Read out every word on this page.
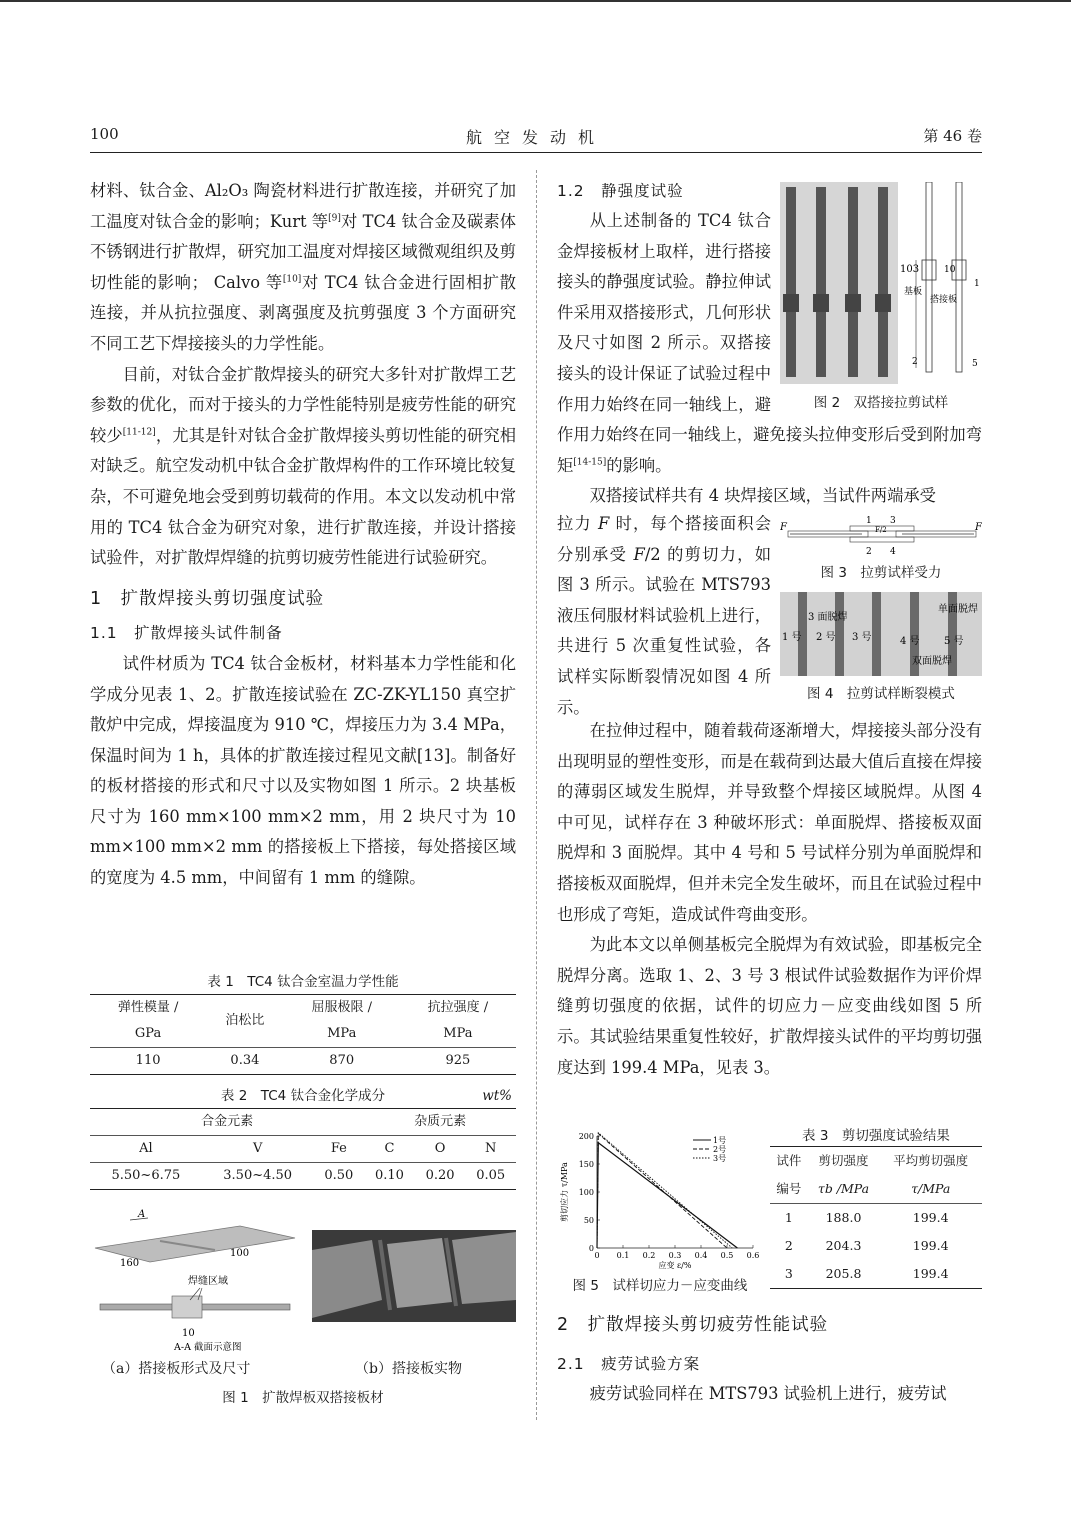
100	航空发动机	第 46 卷

材料、钛合金、Al₂O₃ 陶瓷材料进行扩散连接，并研究了加工温度对钛合金的影响；Kurt 等[9]对 TC4 钛合金及碳素体不锈钢进行扩散焊，研究加工温度对焊接区域微观组织及剪切性能的影响； Calvo 等[10]对 TC4 钛合金进行固相扩散连接，并从抗拉强度、剥离强度及抗剪强度 3 个方面研究不同工艺下焊接接头的力学性能。

目前，对钛合金扩散焊接头的研究大多针对扩散焊工艺参数的优化，而对于接头的力学性能特别是疲劳性能的研究较少[11-12]，尤其是针对钛合金扩散焊接头剪切性能的研究相对缺乏。航空发动机中钛合金扩散焊构件的工作环境比较复杂，不可避免地会受到剪切载荷的作用。本文以发动机中常用的 TC4 钛合金为研究对象，进行扩散连接，并设计搭接试验件，对扩散焊焊缝的抗剪切疲劳性能进行试验研究。

1　扩散焊接头剪切强度试验
1.1　扩散焊接头试件制备

试件材质为 TC4 钛合金板材，材料基本力学性能和化学成分见表 1、2。扩散连接试验在 ZC-ZK-YL150 真空扩散炉中完成，焊接温度为 910 ℃，焊接压力为 3.4 MPa，保温时间为 1 h，具体的扩散连接过程见文献[13]。制备好的板材搭接的形式和尺寸以及实物如图 1 所示。2 块基板尺寸为 160 mm×100 mm×2 mm，用 2 块尺寸为 10 mm×100 mm×2 mm 的搭接板上下搭接，每处搭接区域的宽度为 4.5 mm，中间留有 1 mm 的缝隙。

表 1　TC4 钛合金室温力学性能
弹性模量 /	泊松比	屈服极限 /	抗拉强度 /
GPa		MPa	MPa
110	0.34	870	925
表 2　TC4 钛合金化学成分	wt%
合金元素			杂质元素		
Al	V	Fe	C	O	N
5.50~6.75	3.50~4.50	0.50	0.10	0.20	0.05
A
160
100
焊缝区域
10
A-A 截面示意图
（a）搭接板形式及尺寸	（b）搭接板实物
图 1　扩散焊板双搭接板材
1.2　静强度试验
103	10
1
基板
搭接板
2	5
图 2　双搭接拉剪试样

从上述制备的 TC4 钛合金焊接板材上取样，进行搭接接头的静强度试验。静拉伸试件采用双搭接形式，几何形状及尺寸如图 2 所示。双搭接接头的设计保证了试验过程中作用力始终在同一轴线上，避

作用力始终在同一轴线上，避免接头拉伸变形后受到附加弯矩[14-15]的影响。

双搭接试样共有 4 块焊接区域，当试件两端承受

拉力 F 时，每个搭接面积会分别承受 F/2 的剪切力，如图 3 所示。试验在 MTS793 液压伺服材料试验机上进行，共进行 5 次重复性试验，各试样实际断裂情况如图 4 所示。

F	F
1 3
2 4
F/2
图 3　拉剪试样受力
3 面脱焊
单面脱焊
1 号 2 号 3 号	4 号 5 号
双面脱焊
图 4　拉剪试样断裂模式

在拉伸过程中，随着载荷逐渐增大，焊接接头部分没有出现明显的塑性变形，而是在载荷到达最大值后直接在焊接的薄弱区域发生脱焊，并导致整个焊接区域脱焊。从图 4 中可见，试样存在 3 种破坏形式：单面脱焊、搭接板双面脱焊和 3 面脱焊。其中 4 号和 5 号试样分别为单面脱焊和搭接板双面脱焊，但并未完全发生破坏，而且在试验过程中也形成了弯矩，造成试件弯曲变形。

为此本文以单侧基板完全脱焊为有效试验，即基板完全脱焊分离。选取 1、2、3 号 3 根试件试验数据作为评价焊缝剪切强度的依据，试件的切应力－应变曲线如图 5 所示。其试验结果重复性较好，扩散焊接头试件的平均剪切强度达到 199.4 MPa，见表 3。

0 0.1 0.2 0.3 0.4 0.5 0.6
0
50
100
150
200
应变 ε/%
剪切应力 τ/MPa
1号
2号
3号
图 5　试样切应力－应变曲线
表 3　剪切强度试验结果
试件	剪切强度	平均剪切强度
编号	τb /MPa	τ/MPa
1	188.0	199.4
2	204.3	199.4
3	205.8	199.4
2　扩散焊接头剪切疲劳性能试验
2.1　疲劳试验方案

疲劳试验同样在 MTS793 试验机上进行，疲劳试
